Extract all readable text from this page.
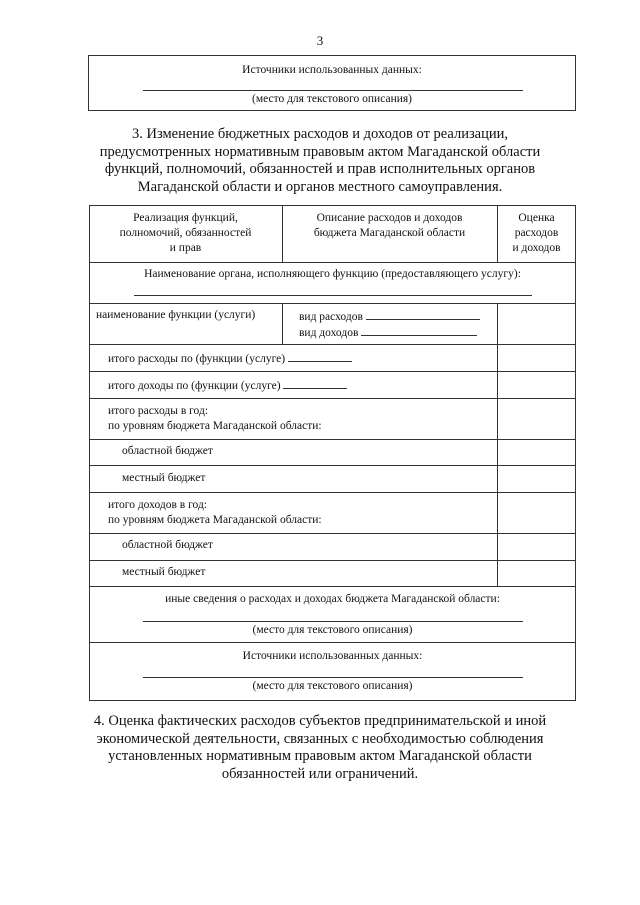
3
Источники использованных данных:
(место для текстового описания)
3. Изменение бюджетных расходов и доходов от реализации,
предусмотренных нормативным правовым актом Магаданской области
функций, полномочий, обязанностей и прав исполнительных органов
Магаданской области и органов местного самоуправления.
Реализация функций,
полномочий, обязанностей
и прав
Описание расходов и доходов
бюджета Магаданской области
Оценка
расходов
и доходов
Наименование органа, исполняющего функцию (предоставляющего услугу):
наименование функции (услуги)	вид расходов
вид доходов
итого расходы по (функции (услуге)
итого доходы по (функции (услуге)
итого расходы в год:
по уровням бюджета Магаданской области:
областной бюджет
местный бюджет
итого доходов в год:
по уровням бюджета Магаданской области:
областной бюджет
местный бюджет
иные сведения о расходах и доходах бюджета Магаданской области:
(место для текстового описания)
Источники использованных данных:
(место для текстового описания)
4. Оценка фактических расходов субъектов предпринимательской и иной
экономической деятельности, связанных с необходимостью соблюдения
установленных нормативным правовым актом Магаданской области
обязанностей или ограничений.
